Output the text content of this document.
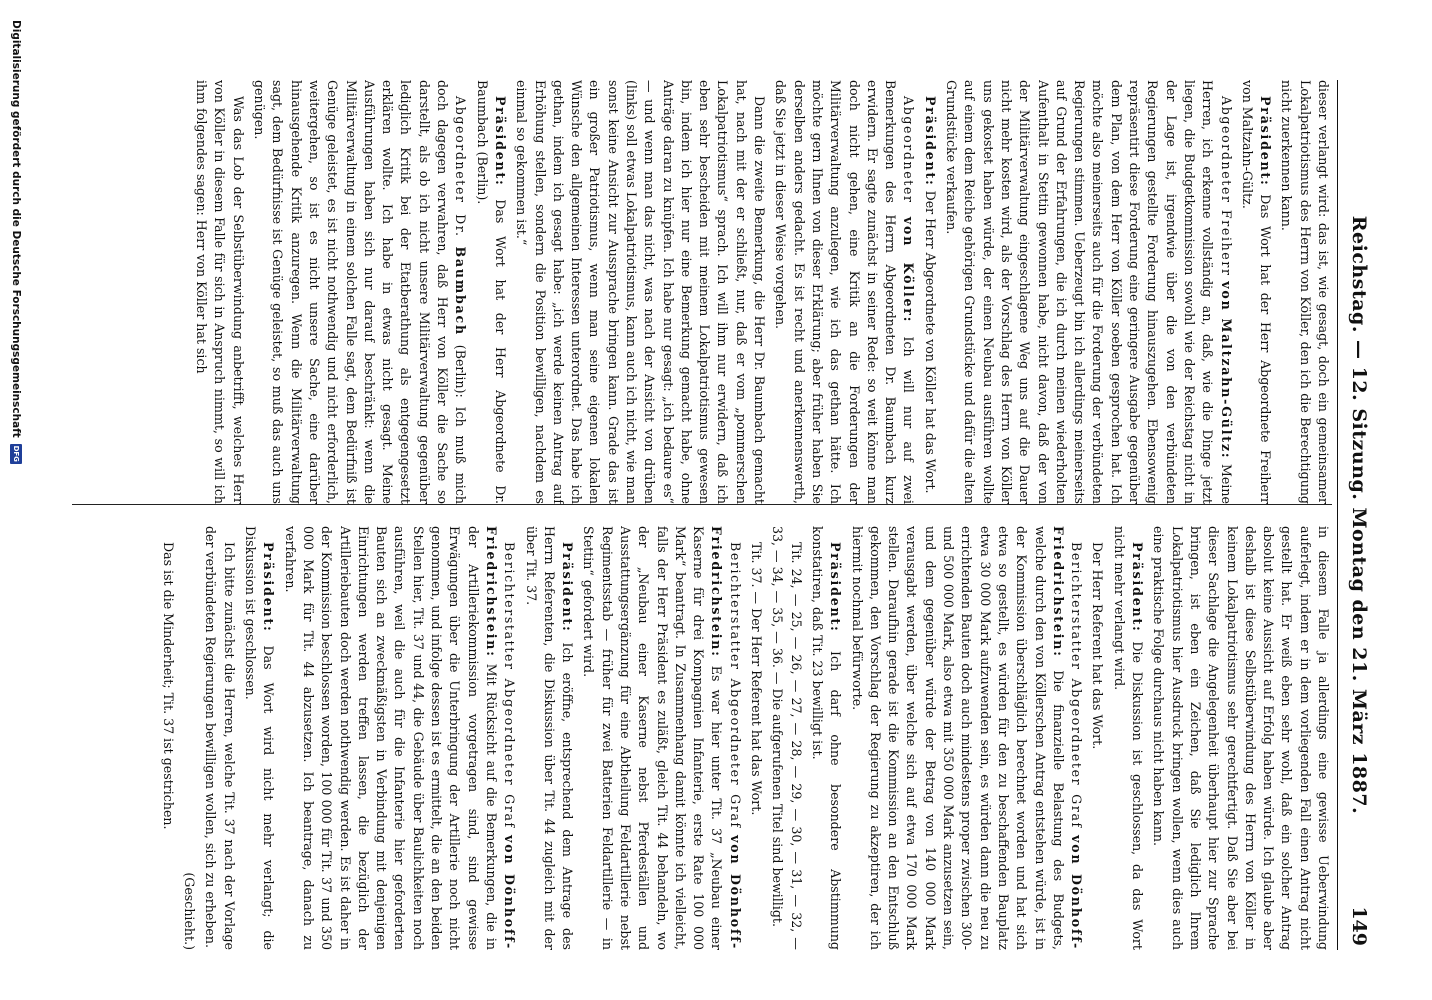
Reichstag. — 12. Sitzung. Montag den 21. März 1887.
149

dieser verlangt wird: das ist, wie gesagt, doch ein gemeinsamer Lokalpatriotismus des Herrn von Köller, den ich die Berechtigung nicht zuerkennen kann.

Präsident: Das Wort hat der Herr Abgeordnete Freiherr von Maltzahn-Gültz.

Abgeordneter Freiherr von Maltzahn-Gültz: Meine Herren, ich erkenne vollständig an, daß, wie die Dinge jetzt liegen, die Budgetkommission sowohl wie der Reichstag nicht in der Lage ist, irgendwie über die von den verbündeten Regierungen gestellte Forderung hinauszugehen. Ebensowenig repräsentirt diese Forderung eine geringere Ausgabe gegenüber dem Plan, von dem Herr von Köller soeben gesprochen hat. Ich möchte also meinerseits auch für die Forderung der verbündeten Regierungen stimmen. Ueberzeugt bin ich allerdings meinerseits auf Grund der Erfahrungen, die ich durch meinen wiederholten Aufenthalt in Stettin gewonnen habe, nicht davon, daß der von der Militärverwaltung eingeschlagene Weg uns auf die Dauer nicht mehr kosten wird, als der Vorschlag des Herrn von Köller uns gekostet haben würde, der einen Neubau ausführen wollte auf einem dem Reiche gehörigen Grundstücke und dafür die alten Grundstücke verkaufen.

Präsident: Der Herr Abgeordnete von Köller hat das Wort.

Abgeordneter von Köller: Ich will nur auf zwei Bemerkungen des Herrn Abgeordneten Dr. Baumbach kurz erwidern. Er sagte zunächst in seiner Rede: so weit könne man doch nicht gehen, eine Kritik an die Forderungen der Militärverwaltung anzulegen, wie ich das gethan hätte. Ich möchte gern Ihnen von dieser Erklärung; aber früher haben Sie derselben anders gedacht. Es ist recht und anerkennenswerth, daß Sie jetzt in dieser Weise vorgehen.

Dann die zweite Bemerkung, die Herr Dr. Baumbach gemacht hat, nach mit der er schließt, nur, daß er vom „pommerschen Lokalpatriotismus“ sprach. Ich will ihm nur erwidern, daß ich eben sehr bescheiden mit meinem Lokalpatriotismus gewesen bin, indem ich hier nur eine Bemerkung gemacht habe, ohne Anträge daran zu knüpfen. Ich habe nur gesagt: „ich bedaure es“ — und wenn man das nicht, was nach der Ansicht von drüben (links) soll etwas Lokalpatriotismus, kann auch ich nicht, wie man sonst keine Ansicht zur Aussprache bringen kann. Grade das ist ein großer Patriotismus, wenn man seine eigenen lokalen Wünsche den allgemeinen Interessen unterordnet. Das habe ich gethan, indem ich gesagt habe: „ich werde keinen Antrag auf Erhöhung stellen, sondern die Position bewilligen, nachdem es einmal so gekommen ist.“

Präsident: Das Wort hat der Herr Abgeordnete Dr. Baumbach (Berlin).

Abgeordneter Dr. Baumbach (Berlin): Ich muß mich doch dagegen verwahren, daß Herr von Köller die Sache so darstellt, als ob ich nicht unsere Militärverwaltung gegenüber lediglich Kritik bei der Etatberathung als entgegengesetzt erklären wollte. Ich habe in etwas nicht gesagt. Meine Ausführungen haben sich nur darauf beschränkt: wenn die Militärverwaltung in einem solchen Falle sagt, dem Bedürfniß ist Genüge geleistet, es ist nicht nothwendig und nicht erforderlich, weitergehen, so ist es nicht unsere Sache, eine darüber hinausgehende Kritik anzuregen. Wenn die Militärverwaltung sagt, dem Bedürfnisse ist Genüge geleistet, so muß das auch uns genügen.

Was das Lob der Selbstüberwindung anbetrifft, welches Herr von Köller in diesem Falle für sich in Anspruch nimmt, so will ich ihm folgendes sagen: Herr von Köller hat sich

in diesem Falle ja allerdings eine gewisse Ueberwindung auferlegt, indem er in dem vorliegenden Fall einen Antrag nicht gestellt hat. Er weiß eben sehr wohl, daß ein solcher Antrag absolut keine Aussicht auf Erfolg haben würde. Ich glaube aber deshalb ist diese Selbstüberwindung des Herrn von Köller in keinem Lokalpatriotismus sehr gerechtfertigt. Daß Sie aber bei dieser Sachlage die Angelegenheit überhaupt hier zur Sprache bringen, ist eben ein Zeichen, daß Sie lediglich Ihrem Lokalpatriotismus hier Ausdruck bringen wollen, wenn dies auch eine praktische Folge durchaus nicht haben kann.

Präsident: Die Diskussion ist geschlossen, da das Wort nicht mehr verlangt wird.

Der Herr Referent hat das Wort.

Berichterstatter Abgeordneter Graf von Dönhoff-Friedrichstein: Die finanzielle Belastung des Budgets, welche durch den von Köllerschen Antrag entstehen würde, ist in der Kommission überschläglich berechnet worden und hat sich etwa so gestellt, es würden für den zu beschaffenden Bauplatz etwa 30 000 Mark aufzuwenden sein, es würden dann die neu zu errichtenden Bauten doch auch mindestens proper zwischen 300- und 500 000 Mark, also etwa mit 350 000 Mark anzusetzen sein, und dem gegenüber würde der Betrag von 140 000 Mark verausgabt werden, über welche sich auf etwa 170 000 Mark stellen. Daraufhin gerade ist die Kommission an den Entschluß gekommen, den Vorschlag der Regierung zu akzeptiren, der ich hiermit nochmal befürworte.

Präsident: Ich darf ohne besondere Abstimmung konstatiren, daß Tit. 23 bewilligt ist.

Tit. 24, — 25, — 26, — 27, — 28, — 29, — 30, — 31, — 32, — 33, — 34, — 35, — 36. — Die aufgerufenen Titel sind bewilligt.

Tit. 37. — Der Herr Referent hat das Wort.

Berichterstatter Abgeordneter Graf von Dönhoff-Friedrichstein: Es war hier unter Tit. 37 „Neubau einer Kaserne für drei Kompagnien Infanterie, erste Rate 100 000 Mark“ beantragt. In Zusammenhang damit könnte ich vielleicht, falls der Herr Präsident es zuläßt, gleich Tit. 44 behandeln, wo der „Neubau einer Kaserne nebst Pferdeställen und Ausstattungsergänzung für eine Abtheilung Feldartillerie nebst Regimentsstab — früher für zwei Batterien Feldartillerie — in Stettin“ gefordert wird.

Präsident: Ich eröffne, entsprechend dem Antrage des Herrn Referenten, die Diskussion über Tit. 44 zugleich mit der über Tit. 37.

Berichterstatter Abgeordneter Graf von Dönhoff-Friedrichstein: Mit Rücksicht auf die Bemerkungen, die in der Artilleriekommission vorgetragen sind, sind gewisse Erwägungen über die Unterbringung der Artillerie noch nicht genommen, und infolge dessen ist es ermittelt, die an den beiden Stellen hier, Tit. 37 und 44, die Gebäude über Baulichkeiten noch ausführen, weil die auch für die Infanterie hier geforderten Bauten sich an zweckmäßigsten in Verbindung mit denjenigen Einrichtungen werden treffen lassen, die bezüglich der Artilleriebauten doch werden nothwendig werden. Es ist daher in der Kommission beschlossen worden, 100 000 für Tit. 37 und 350 000 Mark für Tit. 44 abzusetzen. Ich beantrage, danach zu verfahren.

Präsident: Das Wort wird nicht mehr verlangt; die Diskussion ist geschlossen.

Ich bitte zunächst die Herren, welche Tit. 37 nach der Vorlage der verbündeten Regierungen bewilligen wollen, sich zu erheben.

(Geschieht.)

Das ist die Minderheit; Tit. 37 ist gestrichen.

Digitalisierung gefördert durch die Deutsche Forschungsgemeinschaft
DFG
